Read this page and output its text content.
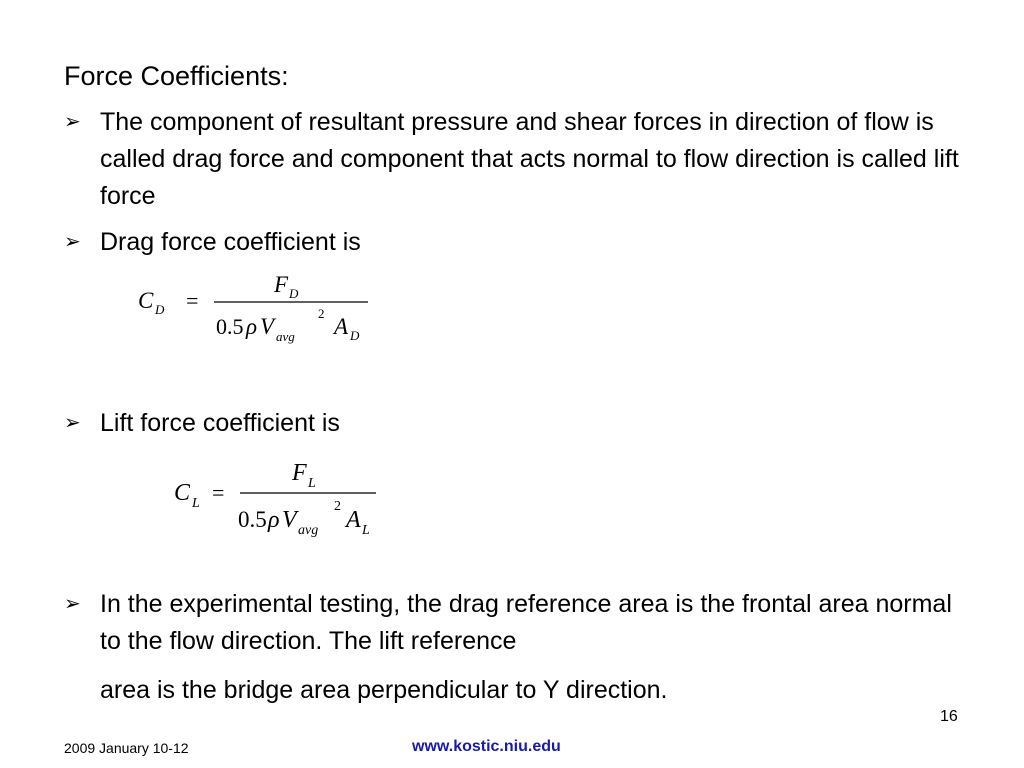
Force Coefficients:
➢ The component of resultant pressure and shear forces in direction of flow is called drag force and component that acts normal to flow direction is called lift force
➢ Drag force coefficient is
C D =
F D
0.5 ρ V avg
2
A D
➢ Lift force coefficient is
C L =
F L
0.5 ρ V avg
2
A L
➢ In the experimental testing, the drag reference area is the frontal area normal to the flow direction. The lift reference
area is the bridge area perpendicular to Y direction.
16
2009 January 10-12	www.kostic.niu.edu
